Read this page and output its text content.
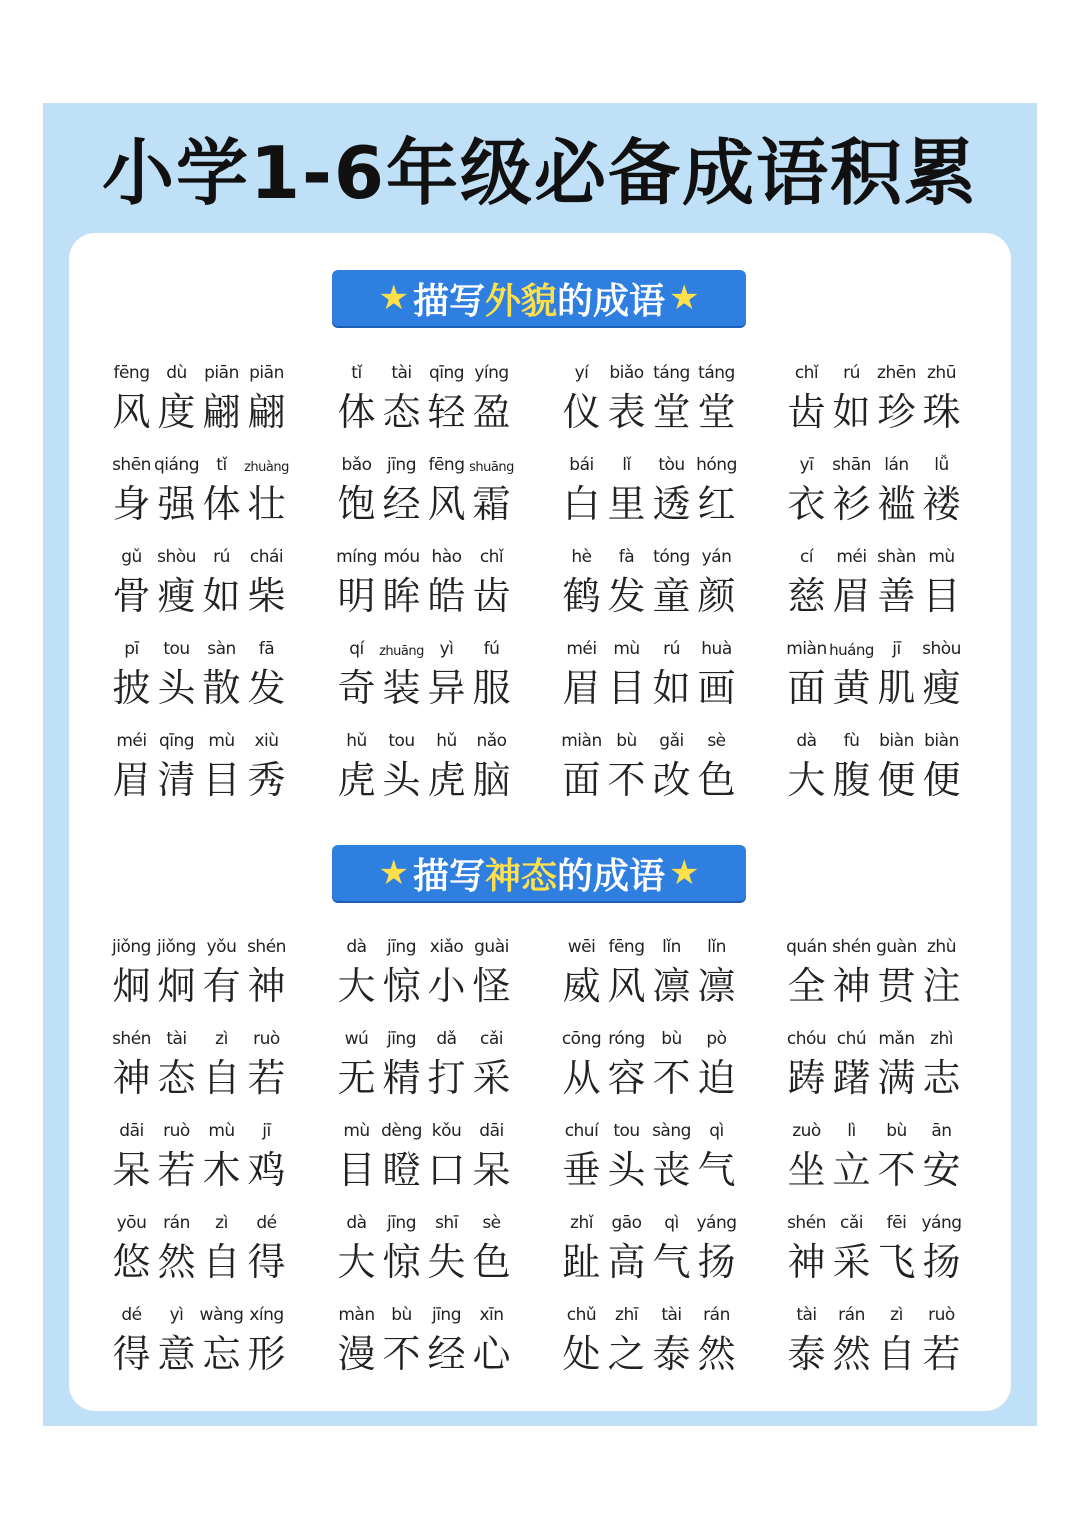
小学1-6年级必备成语积累
★ 描写 外貌 的成语 ★
fēng dù	piān piān
风 度 翩 翩
tǐ	tài	qīng yíng
体 态 轻 盈
yí	biǎo táng táng
仪 表 堂 堂
chǐ	rú	zhēn zhū
齿 如 珍 珠
shēn qiáng	tǐ	zhuàng
身 强 体 壮
bǎo jīng fēng shuāng
饱 经 风 霜
bái	lǐ	tòu hóng
白 里 透 红
yī	shān lán	lǚ
衣 衫 褴 褛
gǔ shòu	rú	chái
骨 瘦 如 柴
míng móu hào	chǐ
明 眸 皓 齿
hè	fà	tóng yán
鹤 发 童 颜
cí	méi shàn mù
慈 眉 善 目
pī	tou	sàn	fā
披 头 散 发
qí	zhuāng yì	fú
奇 装 异 服
méi mù	rú	huà
眉 目 如 画
miàn huáng	jī	shòu
面 黄 肌 瘦
méi qīng mù	xiù
眉 清 目 秀
hǔ	tou	hǔ	nǎo
虎 头 虎 脑
miàn bù	gǎi	sè
面 不 改 色
dà	fù	biàn biàn
大 腹 便 便
★ 描写 神态 的成语 ★
jiǒng jiǒng yǒu shén
炯 炯 有 神
dà	jīng xiǎo guài
大 惊 小 怪
wēi fēng	lǐn	lǐn
威 风 凛 凛
quán shén guàn zhù
全 神 贯 注
shén tài	zì	ruò
神 态 自 若
wú	jīng	dǎ	cǎi
无 精 打 采
cōng róng bù	pò
从 容 不 迫
chóu chú mǎn zhì
踌 躇 满 志
dāi	ruò	mù	jī
呆 若 木 鸡
mù dèng kǒu	dāi
目 瞪 口 呆
chuí tou sàng	qì
垂 头 丧 气
zuò	lì	bù	ān
坐 立 不 安
yōu rán	zì	dé
悠 然 自 得
dà	jīng	shī	sè
大 惊 失 色
zhǐ	gāo	qì	yáng
趾 高 气 扬
shén cǎi	fēi yáng
神 采 飞 扬
dé	yì wàng xíng
得 意 忘 形
màn bù	jīng	xīn
漫 不 经 心
chǔ	zhī	tài	rán
处 之 泰 然
tài	rán	zì	ruò
泰 然 自 若
